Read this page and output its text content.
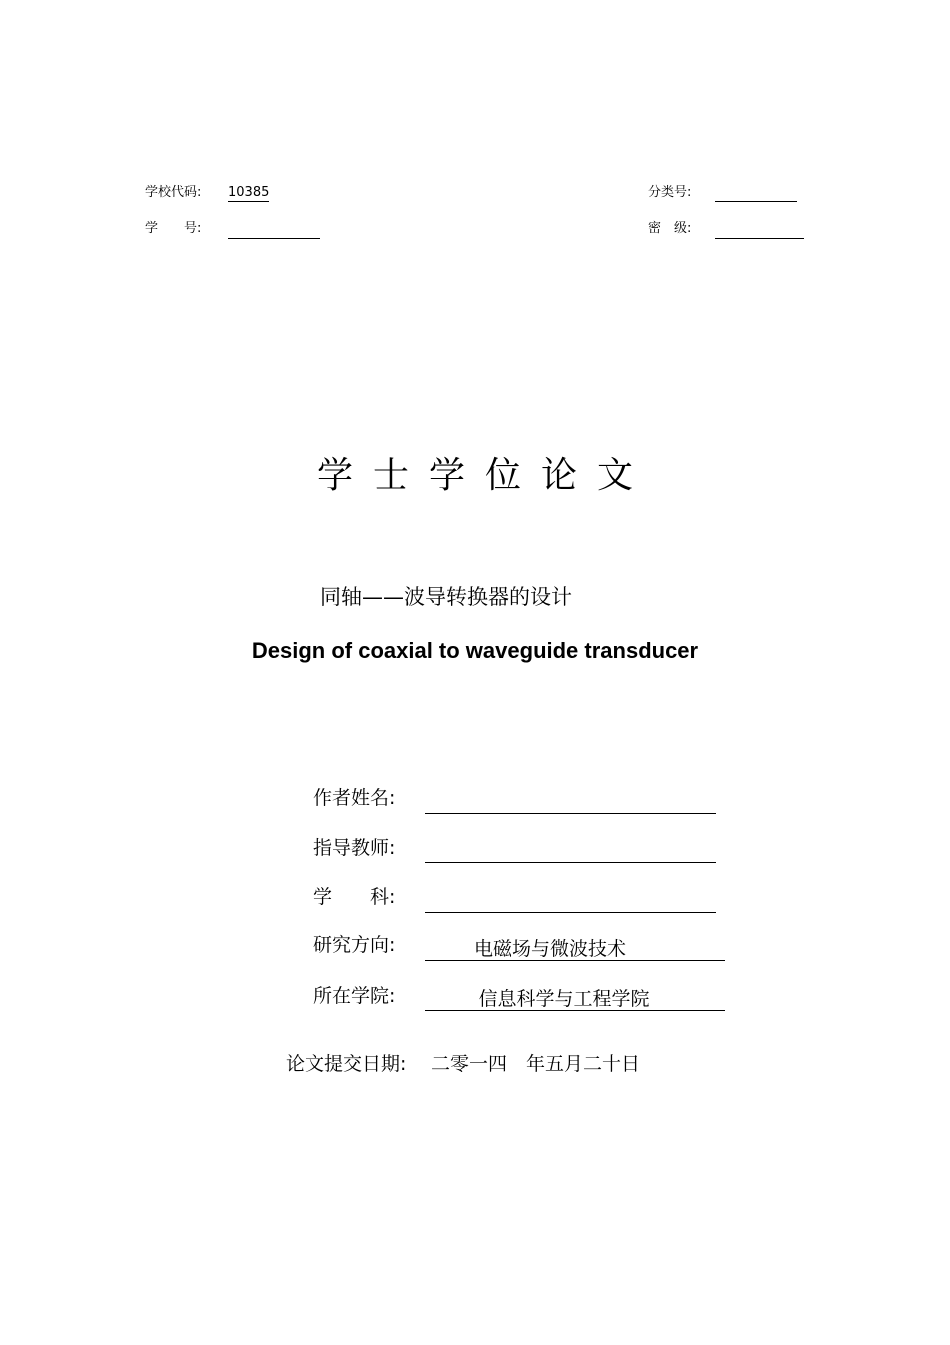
学校代码: 10385
学　　号:
分类号:
密　级:
学士学位论文
同轴——波导转换器的设计
Design of coaxial to waveguide transducer
作者姓名:
指导教师:
学　　科:
研究方向:	电磁场与微波技术
所在学院:	信息科学与工程学院
论文提交日期: 二零一四　年五月二十日
